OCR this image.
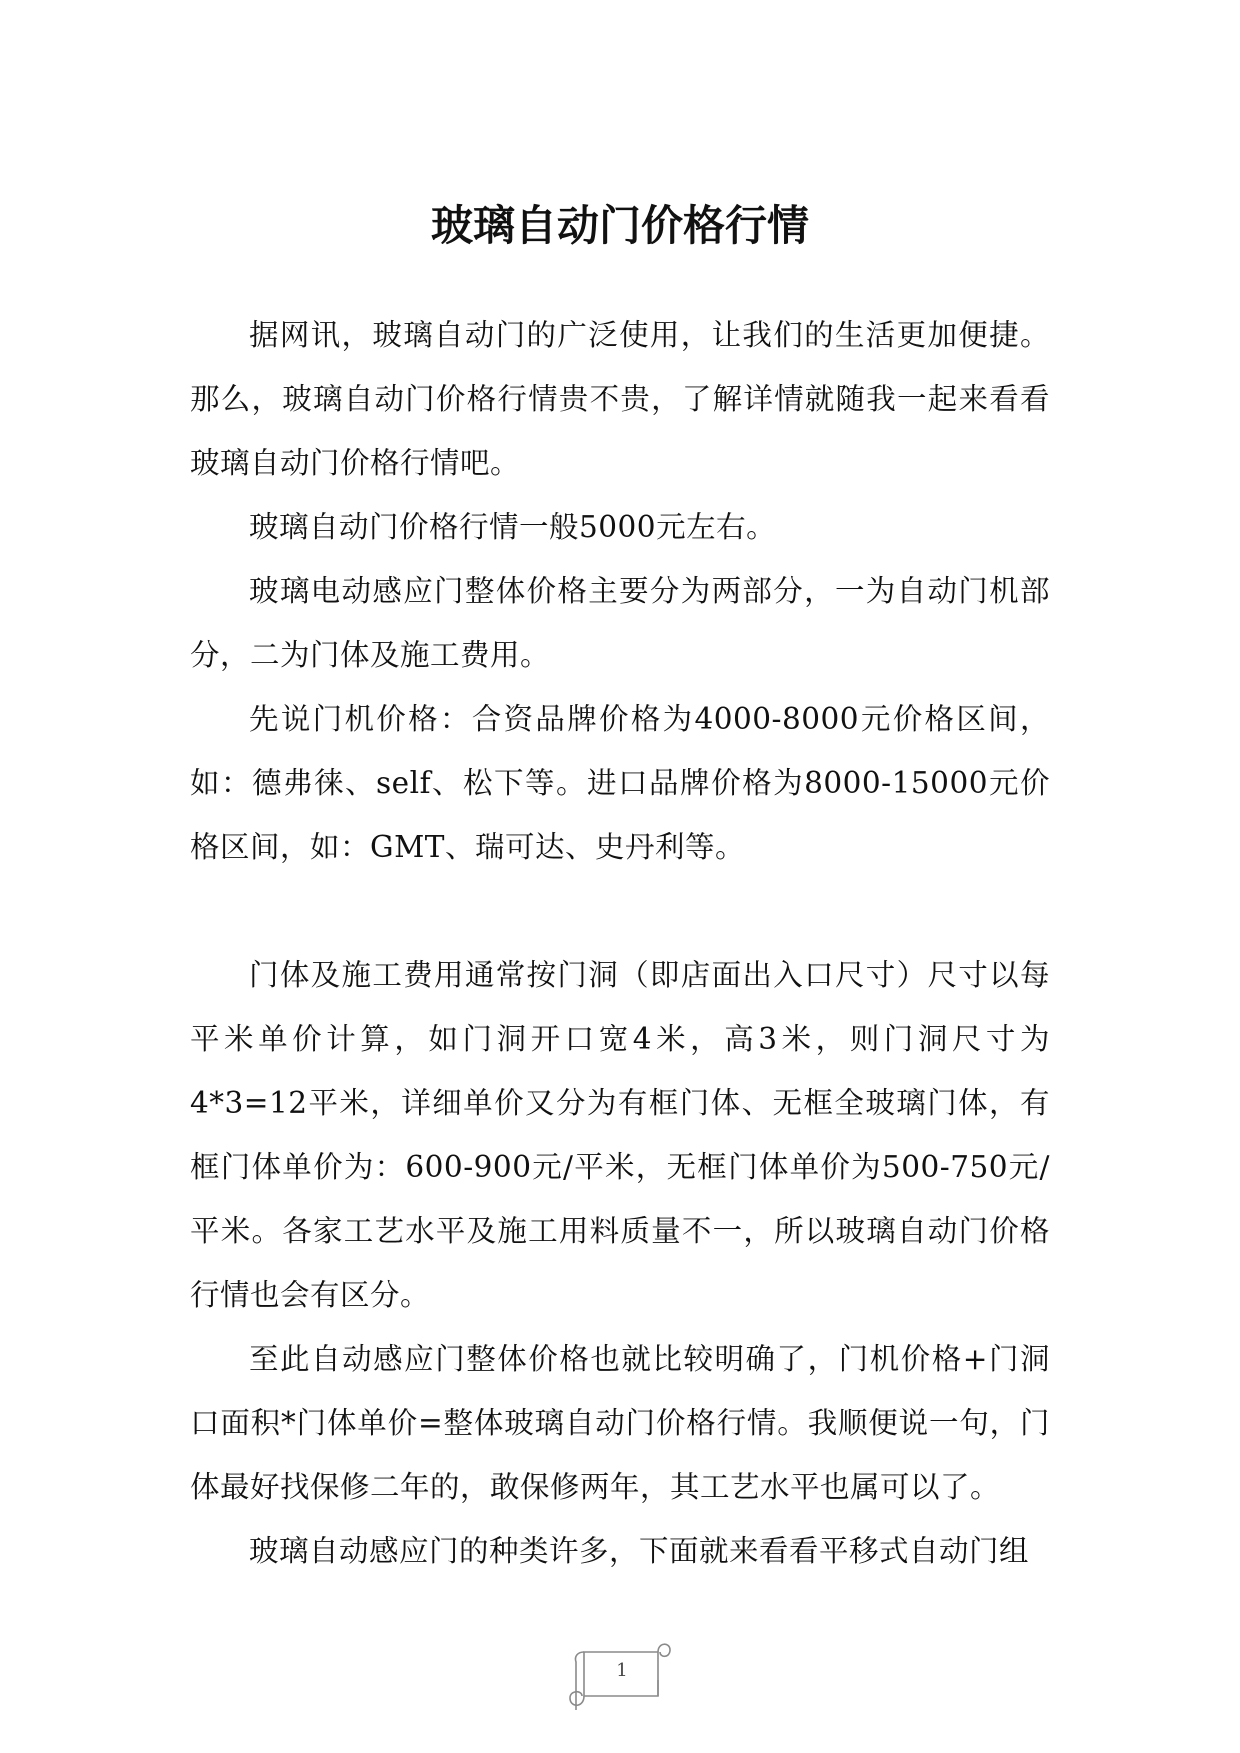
玻璃自动门价格行情

据网讯，玻璃自动门的广泛使用，让我们的生活更加便捷。那么，玻璃自动门价格行情贵不贵，了解详情就随我一起来看看玻璃自动门价格行情吧。

玻璃自动门价格行情一般5000元左右。

玻璃电动感应门整体价格主要分为两部分，一为自动门机部分，二为门体及施工费用。

先说门机价格：合资品牌价格为4000-8000元价格区间，如：德弗徕、self、松下等。进口品牌价格为8000-15000元价格区间，如：GMT、瑞可达、史丹利等。

门体及施工费用通常按门洞（即店面出入口尺寸）尺寸以每平米单价计算，如门洞开口宽4米，高3米，则门洞尺寸为4*3=12平米，详细单价又分为有框门体、无框全玻璃门体，有框门体单价为：600-900元/平米，无框门体单价为500-750元/平米。各家工艺水平及施工用料质量不一，所以玻璃自动门价格行情也会有区分。

至此自动感应门整体价格也就比较明确了，门机价格+门洞口面积*门体单价=整体玻璃自动门价格行情。我顺便说一句，门体最好找保修二年的，敢保修两年，其工艺水平也属可以了。

玻璃自动感应门的种类许多，下面就来看看平移式自动门组

1
